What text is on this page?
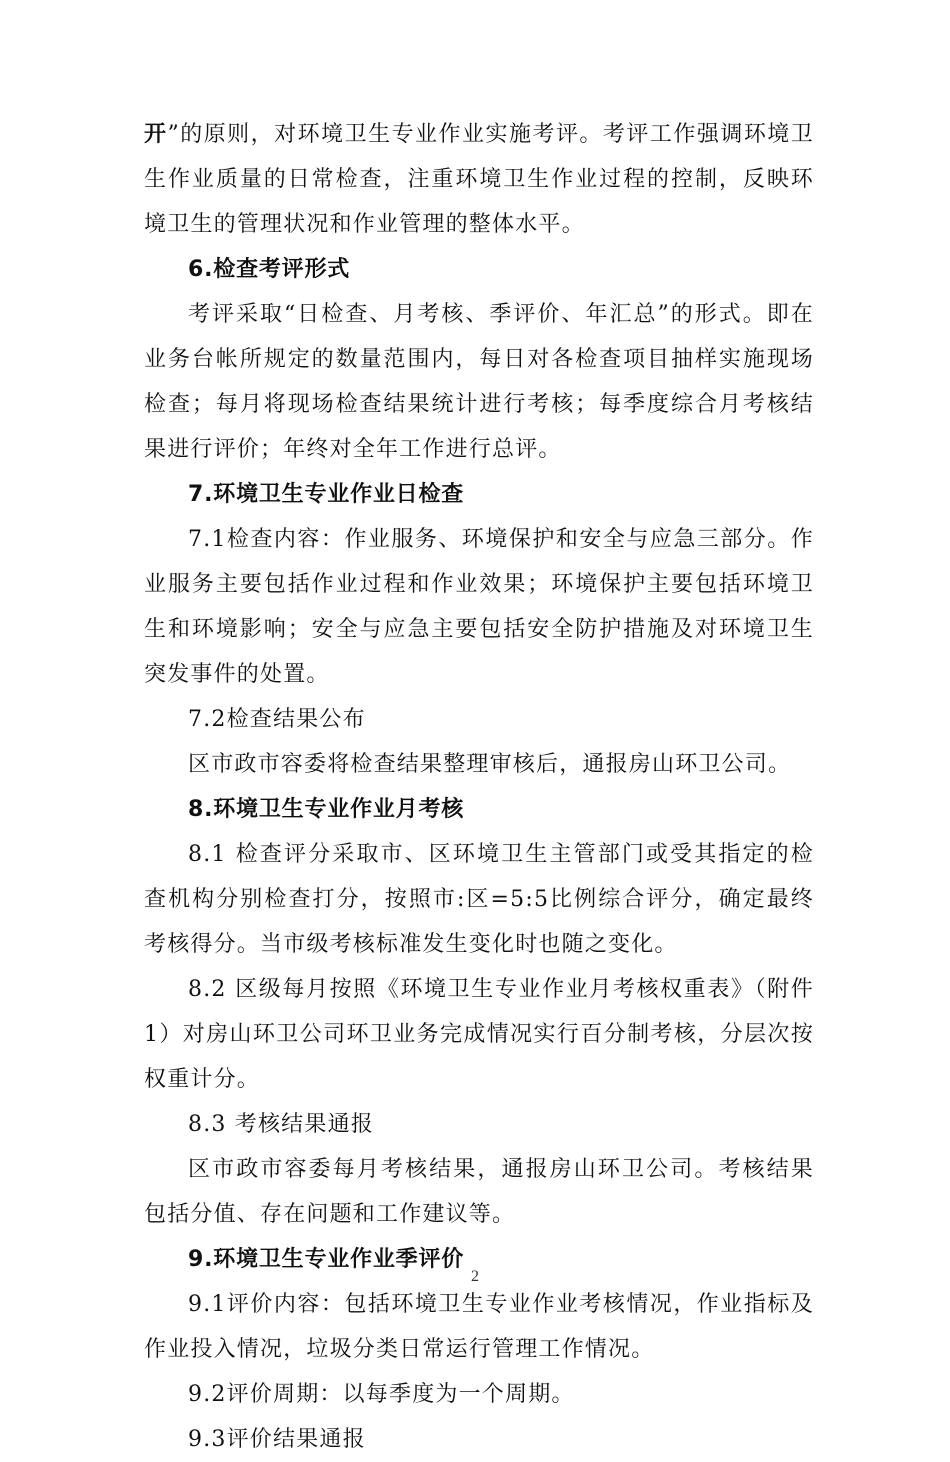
开”的原则，对环境卫生专业作业实施考评。考评工作强调环境卫生作业质量的日常检查，注重环境卫生作业过程的控制，反映环境卫生的管理状况和作业管理的整体水平。

6.检查考评形式

考评采取“日检查、月考核、季评价、年汇总”的形式。即在业务台帐所规定的数量范围内，每日对各检查项目抽样实施现场检查；每月将现场检查结果统计进行考核；每季度综合月考核结果进行评价；年终对全年工作进行总评。

7.环境卫生专业作业日检查

7.1检查内容：作业服务、环境保护和安全与应急三部分。作业服务主要包括作业过程和作业效果；环境保护主要包括环境卫生和环境影响；安全与应急主要包括安全防护措施及对环境卫生突发事件的处置。

7.2检查结果公布

区市政市容委将检查结果整理审核后，通报房山环卫公司。

8.环境卫生专业作业月考核

8.1 检查评分采取市、区环境卫生主管部门或受其指定的检查机构分别检查打分，按照市:区=5:5比例综合评分，确定最终考核得分。当市级考核标准发生变化时也随之变化。

8.2 区级每月按照《环境卫生专业作业月考核权重表》（附件1）对房山环卫公司环卫业务完成情况实行百分制考核，分层次按权重计分。

8.3 考核结果通报

区市政市容委每月考核结果，通报房山环卫公司。考核结果包括分值、存在问题和工作建议等。

9.环境卫生专业作业季评价

9.1评价内容：包括环境卫生专业作业考核情况，作业指标及作业投入情况，垃圾分类日常运行管理工作情况。

9.2评价周期：以每季度为一个周期。

9.3评价结果通报

2
